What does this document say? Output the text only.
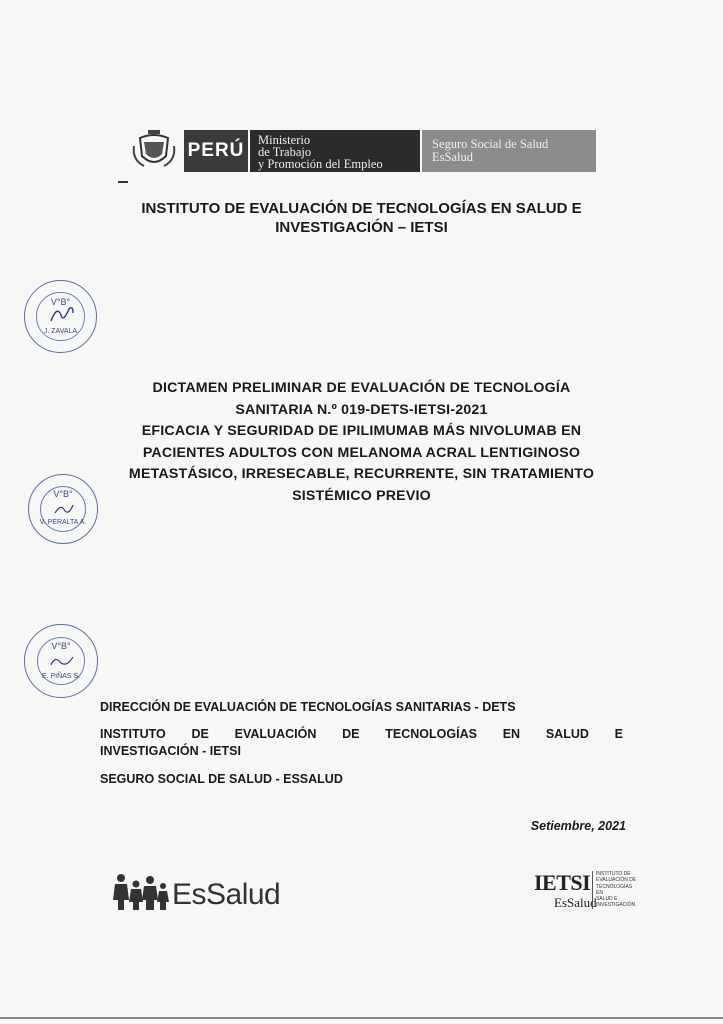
PERÚ Ministerio
de Trabajo
y Promoción del Empleo
Seguro Social de Salud
EsSalud
INSTITUTO DE EVALUACIÓN DE TECNOLOGÍAS EN SALUD E
INVESTIGACIÓN – IETSI
V°B°
J. ZAVALA
DICTAMEN PRELIMINAR DE EVALUACIÓN DE TECNOLOGÍA
SANITARIA N.º 019-DETS-IETSI-2021
EFICACIA Y SEGURIDAD DE IPILIMUMAB MÁS NIVOLUMAB EN
PACIENTES ADULTOS CON MELANOMA ACRAL LENTIGINOSO
METASTÁSICO, IRRESECABLE, RECURRENTE, SIN TRATAMIENTO
SISTÉMICO PREVIO
V°B°
V. PERALTA A.
V°B°
E. PIÑAS S.
DIRECCIÓN DE EVALUACIÓN DE TECNOLOGÍAS SANITARIAS - DETS
INSTITUTO DE EVALUACIÓN DE TECNOLOGÍAS EN SALUD E
INVESTIGACIÓN - IETSI
SEGURO SOCIAL DE SALUD - ESSALUD
Setiembre, 2021
EsSalud	IETSI
EsSalud
INSTITUTO DE
EVALUACIÓN DE
TECNOLOGÍAS EN
SALUD E
INVESTIGACIÓN
